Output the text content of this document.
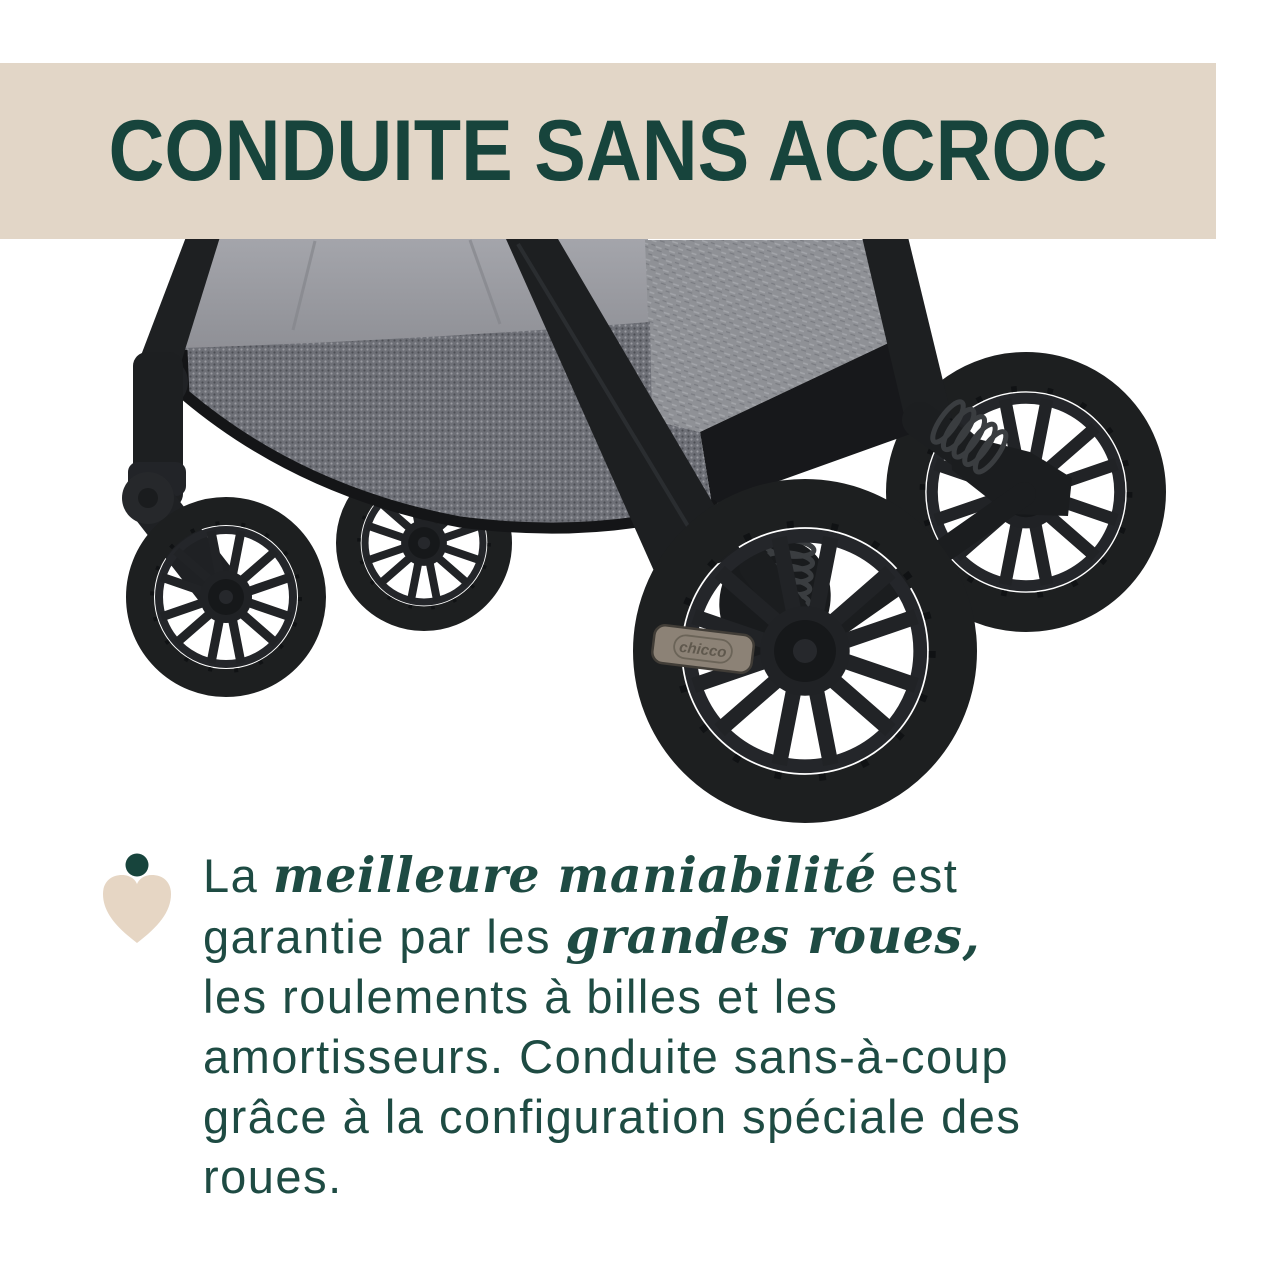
chicco
CONDUITE SANS ACCROC
La meilleure maniabilité est
garantie par les grandes roues,
les roulements à billes et les
amortisseurs. Conduite sans-à-coup
grâce à la configuration spéciale des
roues.
